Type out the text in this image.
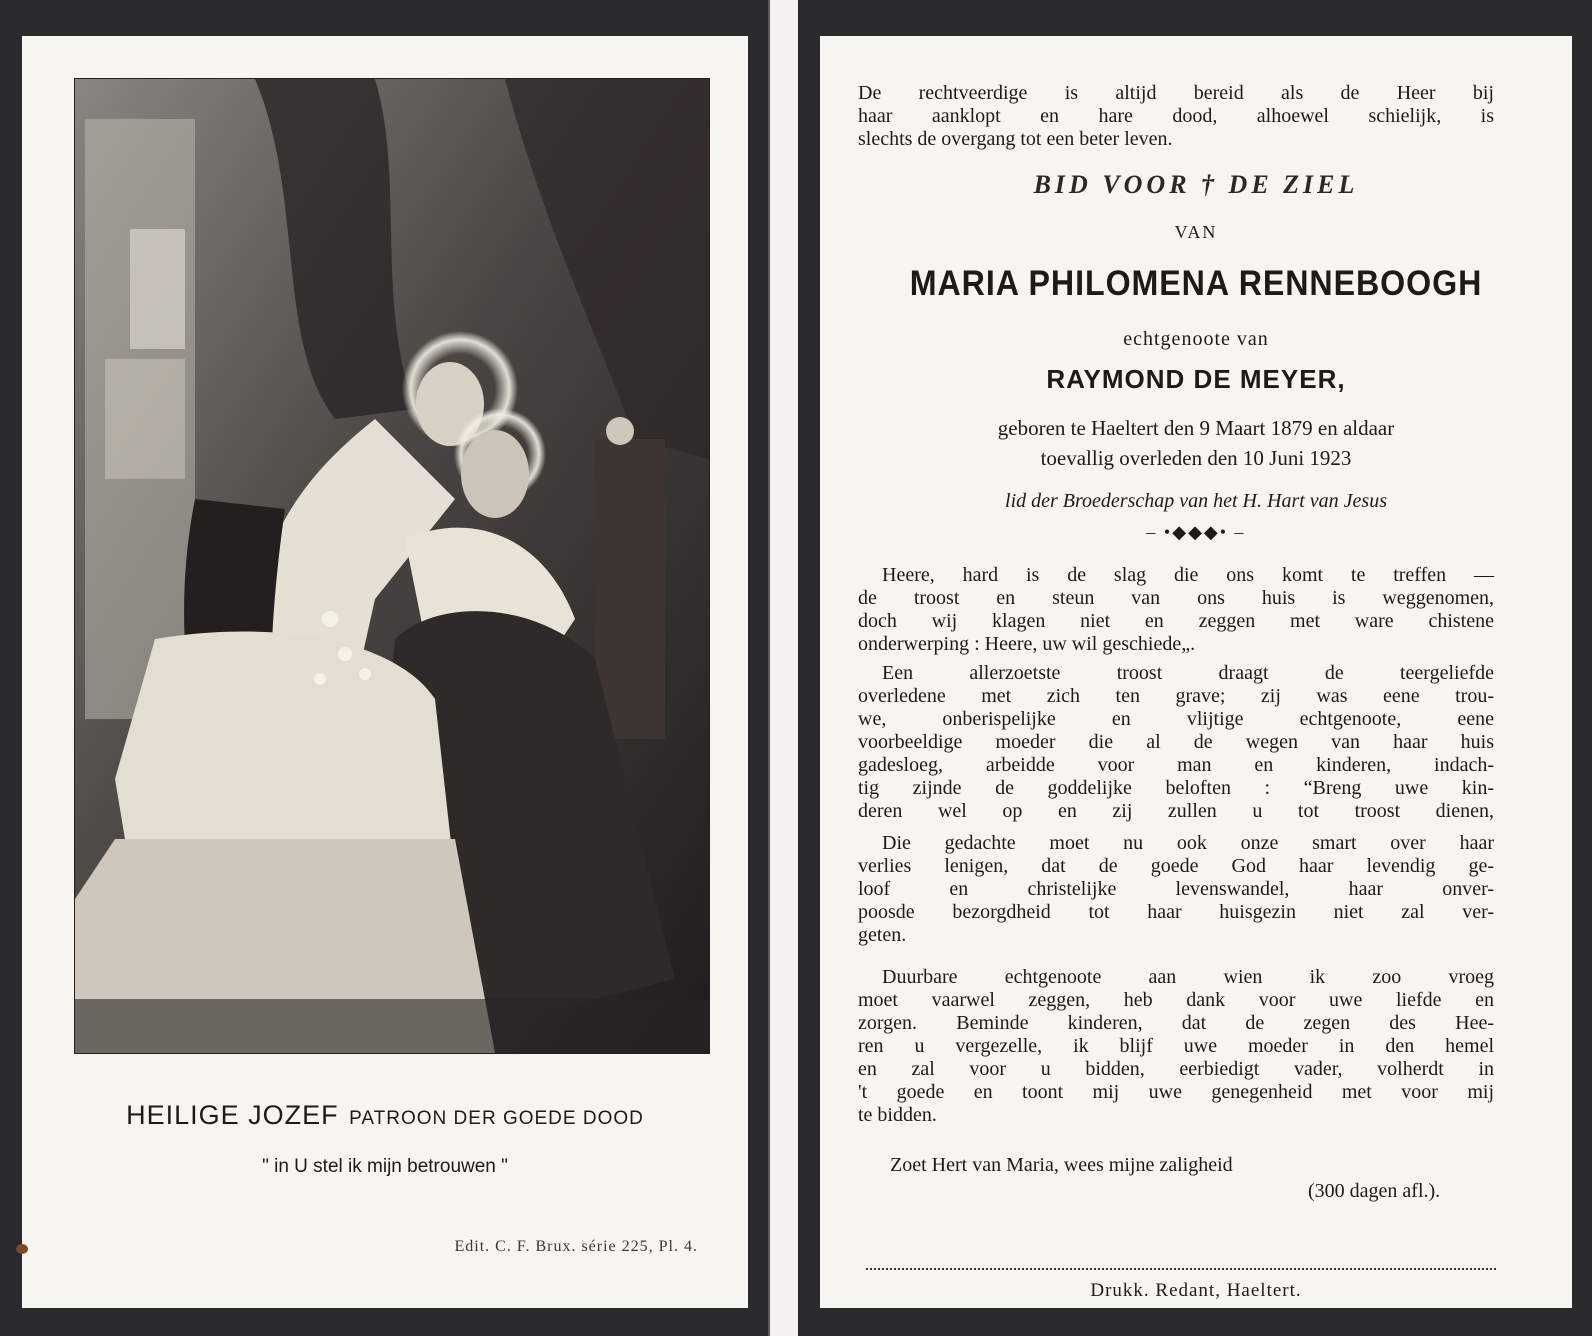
HEILIGE JOZEF PATROON DER GOEDE DOOD
" in U stel ik mijn betrouwen "
Edit. C. F. Brux. série 225, Pl. 4.
De rechtveerdige is altijd bereid als de Heer bij
haar aanklopt en hare dood, alhoewel schielijk, is
slechts de overgang tot een beter leven.
BID VOOR † DE ZIEL
VAN
MARIA PHILOMENA RENNEBOOGH
echtgenoote van
RAYMOND DE MEYER,
geboren te Haeltert den 9 Maart 1879 en aldaar
toevallig overleden den 10 Juni 1923
lid der Broederschap van het H. Hart van Jesus
– •◆◆◆• –
Heere, hard is de slag die ons komt te treffen —
de troost en steun van ons huis is weggenomen,
doch wij klagen niet en zeggen met ware chistene
onderwerping : Heere, uw wil geschiede„.
Een allerzoetste troost draagt de teergeliefde
overledene met zich ten grave; zij was eene trou-
we, onberispelijke en vlijtige echtgenoote, eene
voorbeeldige moeder die al de wegen van haar huis
gadesloeg, arbeidde voor man en kinderen, indach-
tig zijnde de goddelijke beloften : “Breng uwe kin-
deren wel op en zij zullen u tot troost dienen,
Die gedachte moet nu ook onze smart over haar
verlies lenigen, dat de goede God haar levendig ge-
loof en christelijke levenswandel, haar onver-
poosde bezorgdheid tot haar huisgezin niet zal ver-
geten.
Duurbare echtgenoote aan wien ik zoo vroeg
moet vaarwel zeggen, heb dank voor uwe liefde en
zorgen. Beminde kinderen, dat de zegen des Hee-
ren u vergezelle, ik blijf uwe moeder in den hemel
en zal voor u bidden, eerbiedigt vader, volherdt in
't goede en toont mij uwe genegenheid met voor mij
te bidden.
Zoet Hert van Maria, wees mijne zaligheid
(300 dagen afl.).
Drukk. Redant, Haeltert.
